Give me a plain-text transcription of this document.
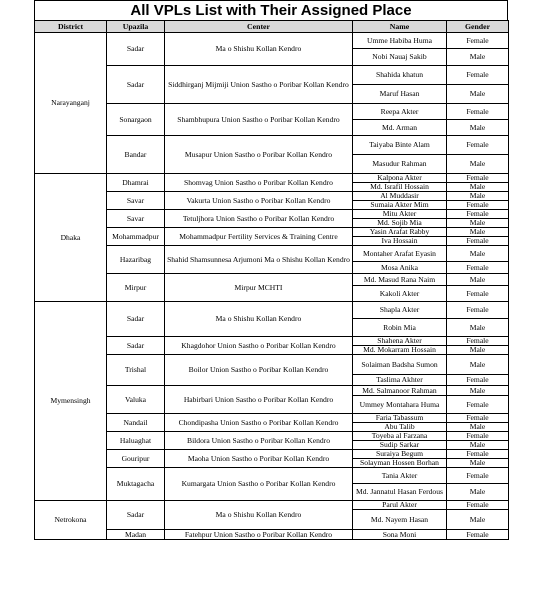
All VPLs List with Their Assigned Place
District	Upazila	Center	Name	Gender
Narayanganj	Sadar	Ma o Shishu Kollan Kendro	Umme Habiba Huma	Female
			Nobi Nauaj Sakib	Male
	Sadar	Siddhirganj Mijmiji Union Sastho o Poribar Kollan Kendro	Shahida khatun	Female
			Maruf Hasan	Male
	Sonargaon	Shambhupura Union Sastho o Poribar Kollan Kendro	Reepa Akter	Female
			Md. Arman	Male
	Bandar	Musapur Union Sastho o Poribar Kollan Kendro	Taiyaba Binte Alam	Female
			Masudur Rahman	Male
Dhaka	Dhamrai	Shomvag Union Sastho o Poribar Kollan Kendro	Kalpona Akter	Female
			Md. Israfil Hossain	Male
	Savar	Vakurta Union Sastho o Poribar Kollan Kendro	Al Muddasir	Male
			Sumaia Akter Mim	Female
	Savar	Tetuljhora Union Sastho o Poribar Kollan Kendro	Mitu Akter	Female
			Md. Sojib Mia	Male
	Mohammadpur	Mohammadpur Fertility Services & Training Centre	Yasin Arafat Rabby	Male
			Iva Hossain	Female
	Hazaribag	Shahid Shamsunnesa Arjumoni Ma o Shishu Kollan Kendro	Montaher Arafat Eyasin	Male
			Mosa Anika	Female
	Mirpur	Mirpur MCHTI	Md. Masud Rana Naim	Male
			Kakoli Akter	Female
Mymensingh	Sadar	Ma o Shishu Kollan Kendro	Shapla Akter	Female
			Robin Mia	Male
	Sadar	Khagdohor Union Sastho o Poribar Kollan Kendro	Shahena Akter	Female
			Md. Mokarram Hossain	Male
	Trishal	Boilor Union Sastho o Poribar Kollan Kendro	Solaiman Badsha Sumon	Male
			Taslima Akhter	Female
	Valuka	Habirbari Union Sastho o Poribar Kollan Kendro	Md. Salmanoor Rahman	Male
			Ummey Montahara Huma	Female
	Nandail	Chondipasha Union Sastho o Poribar Kollan Kendro	Faria Tabassum	Female
			Abu Talib	Male
	Haluaghat	Bildora Union Sastho o Poribar Kollan Kendro	Toyeba al Farzana	Female
			Sudip Sarkar	Male
	Gouripur	Maoha Union Sastho o Poribar Kollan Kendro	Suraiya Begum	Female
			Solayman Hossen Borhan	Male
	Muktagacha	Kumargata Union Sastho o Poribar Kollan Kendro	Tania Akter	Female
			Md. Jannatul Hasan Ferdous	Male
Netrokona	Sadar	Ma o Shishu Kollan Kendro	Parul Akter	Female
			Md. Nayem Hasan	Male
	Madan	Fatehpur Union Sastho o Poribar Kollan Kendro	Sona Moni	Female
